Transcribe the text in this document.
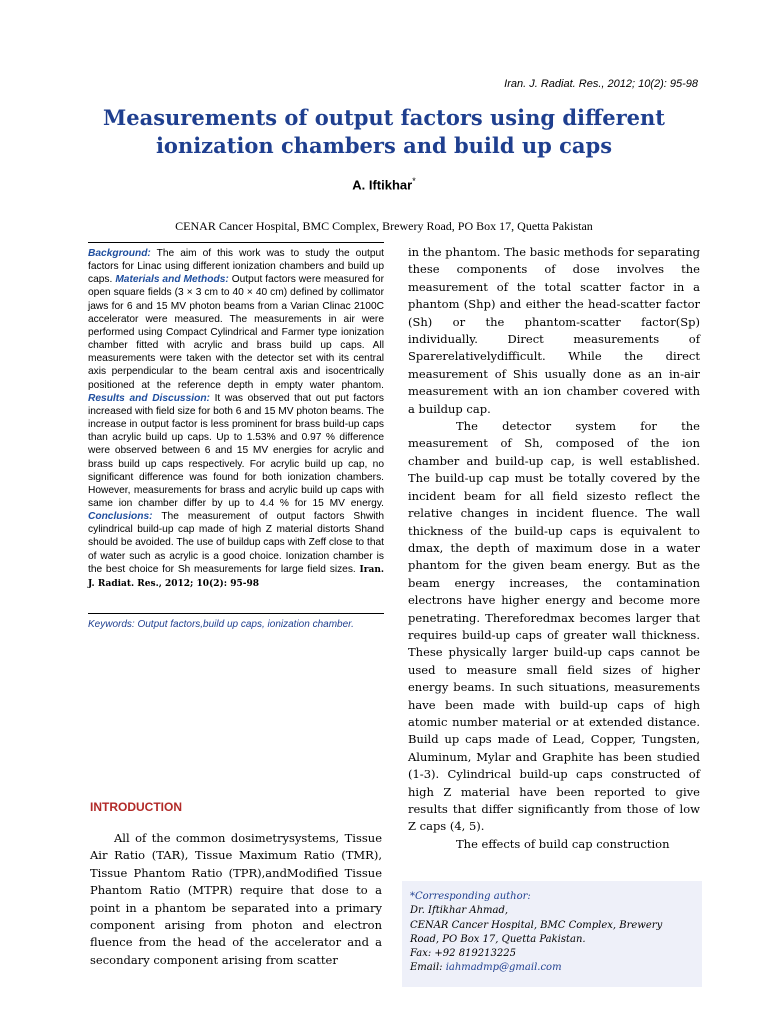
Iran. J. Radiat. Res., 2012; 10(2): 95-98
Measurements of output factors using different ionization chambers and build up caps
A. Iftikhar*
CENAR Cancer Hospital, BMC Complex, Brewery Road, PO Box 17, Quetta Pakistan

Background: The aim of this work was to study the output factors for Linac using different ionization chambers and build up caps. Materials and Methods: Output factors were measured for open square fields (3 × 3 cm to 40 × 40 cm) defined by collimator jaws for 6 and 15 MV photon beams from a Varian Clinac 2100C accelerator were measured. The measurements in air were performed using Compact Cylindrical and Farmer type ionization chamber fitted with acrylic and brass build up caps. All measurements were taken with the detector set with its central axis perpendicular to the beam central axis and isocentrically positioned at the reference depth in empty water phantom. Results and Discussion: It was observed that out put factors increased with field size for both 6 and 15 MV photon beams. The increase in output factor is less prominent for brass build-up caps than acrylic build up caps. Up to 1.53% and 0.97 % difference were observed between 6 and 15 MV energies for acrylic and brass build up caps respectively. For acrylic build up cap, no significant difference was found for both ionization chambers. However, measurements for brass and acrylic build up caps with same ion chamber differ by up to 4.4 % for 15 MV energy. Conclusions: The measurement of output factors Shwith cylindrical build-up cap made of high Z material distorts Shand should be avoided. The use of buildup caps with Zeff close to that of water such as acrylic is a good choice. Ionization chamber is the best choice for Sh measurements for large field sizes. Iran. J. Radiat. Res., 2012; 10(2): 95-98

Keywords: Output factors,build up caps, ionization chamber.

INTRODUCTION

All of the common dosimetrysystems, Tissue Air Ratio (TAR), Tissue Maximum Ratio (TMR), Tissue Phantom Ratio (TPR),andModified Tissue Phantom Ratio (MTPR) require that dose to a point in a phantom be separated into a primary component arising from photon and electron fluence from the head of the accelerator and a secondary component arising from scatter

in the phantom. The basic methods for separating these components of dose involves the measurement of the total scatter factor in a phantom (Shp) and either the head-scatter factor (Sh) or the phantom-scatter factor(Sp) individually. Direct measurements of Sparerelativelydifficult. While the direct measurement of Shis usually done as an in-air measurement with an ion chamber covered with a buildup cap.

The detector system for the measurement of Sh, composed of the ion chamber and build-up cap, is well established. The build-up cap must be totally covered by the incident beam for all field sizesto reflect the relative changes in incident fluence. The wall thickness of the build-up caps is equivalent to dmax, the depth of maximum dose in a water phantom for the given beam energy. But as the beam energy increases, the contamination electrons have higher energy and become more penetrating. Thereforedmax becomes larger that requires build-up caps of greater wall thickness. These physically larger build-up caps cannot be used to measure small field sizes of higher energy beams. In such situations, measurements have been made with build-up caps of high atomic number material or at extended distance. Build up caps made of Lead, Copper, Tungsten, Aluminum, Mylar and Graphite has been studied (1-3). Cylindrical build-up caps constructed of high Z material have been reported to give results that differ significantly from those of low Z caps (4, 5).

The effects of build cap construction

*Corresponding author:
Dr. Iftikhar Ahmad,
CENAR Cancer Hospital, BMC Complex, Brewery
Road, PO Box 17, Quetta Pakistan.
Fax: +92 819213225
Email: iahmadmp@gmail.com
